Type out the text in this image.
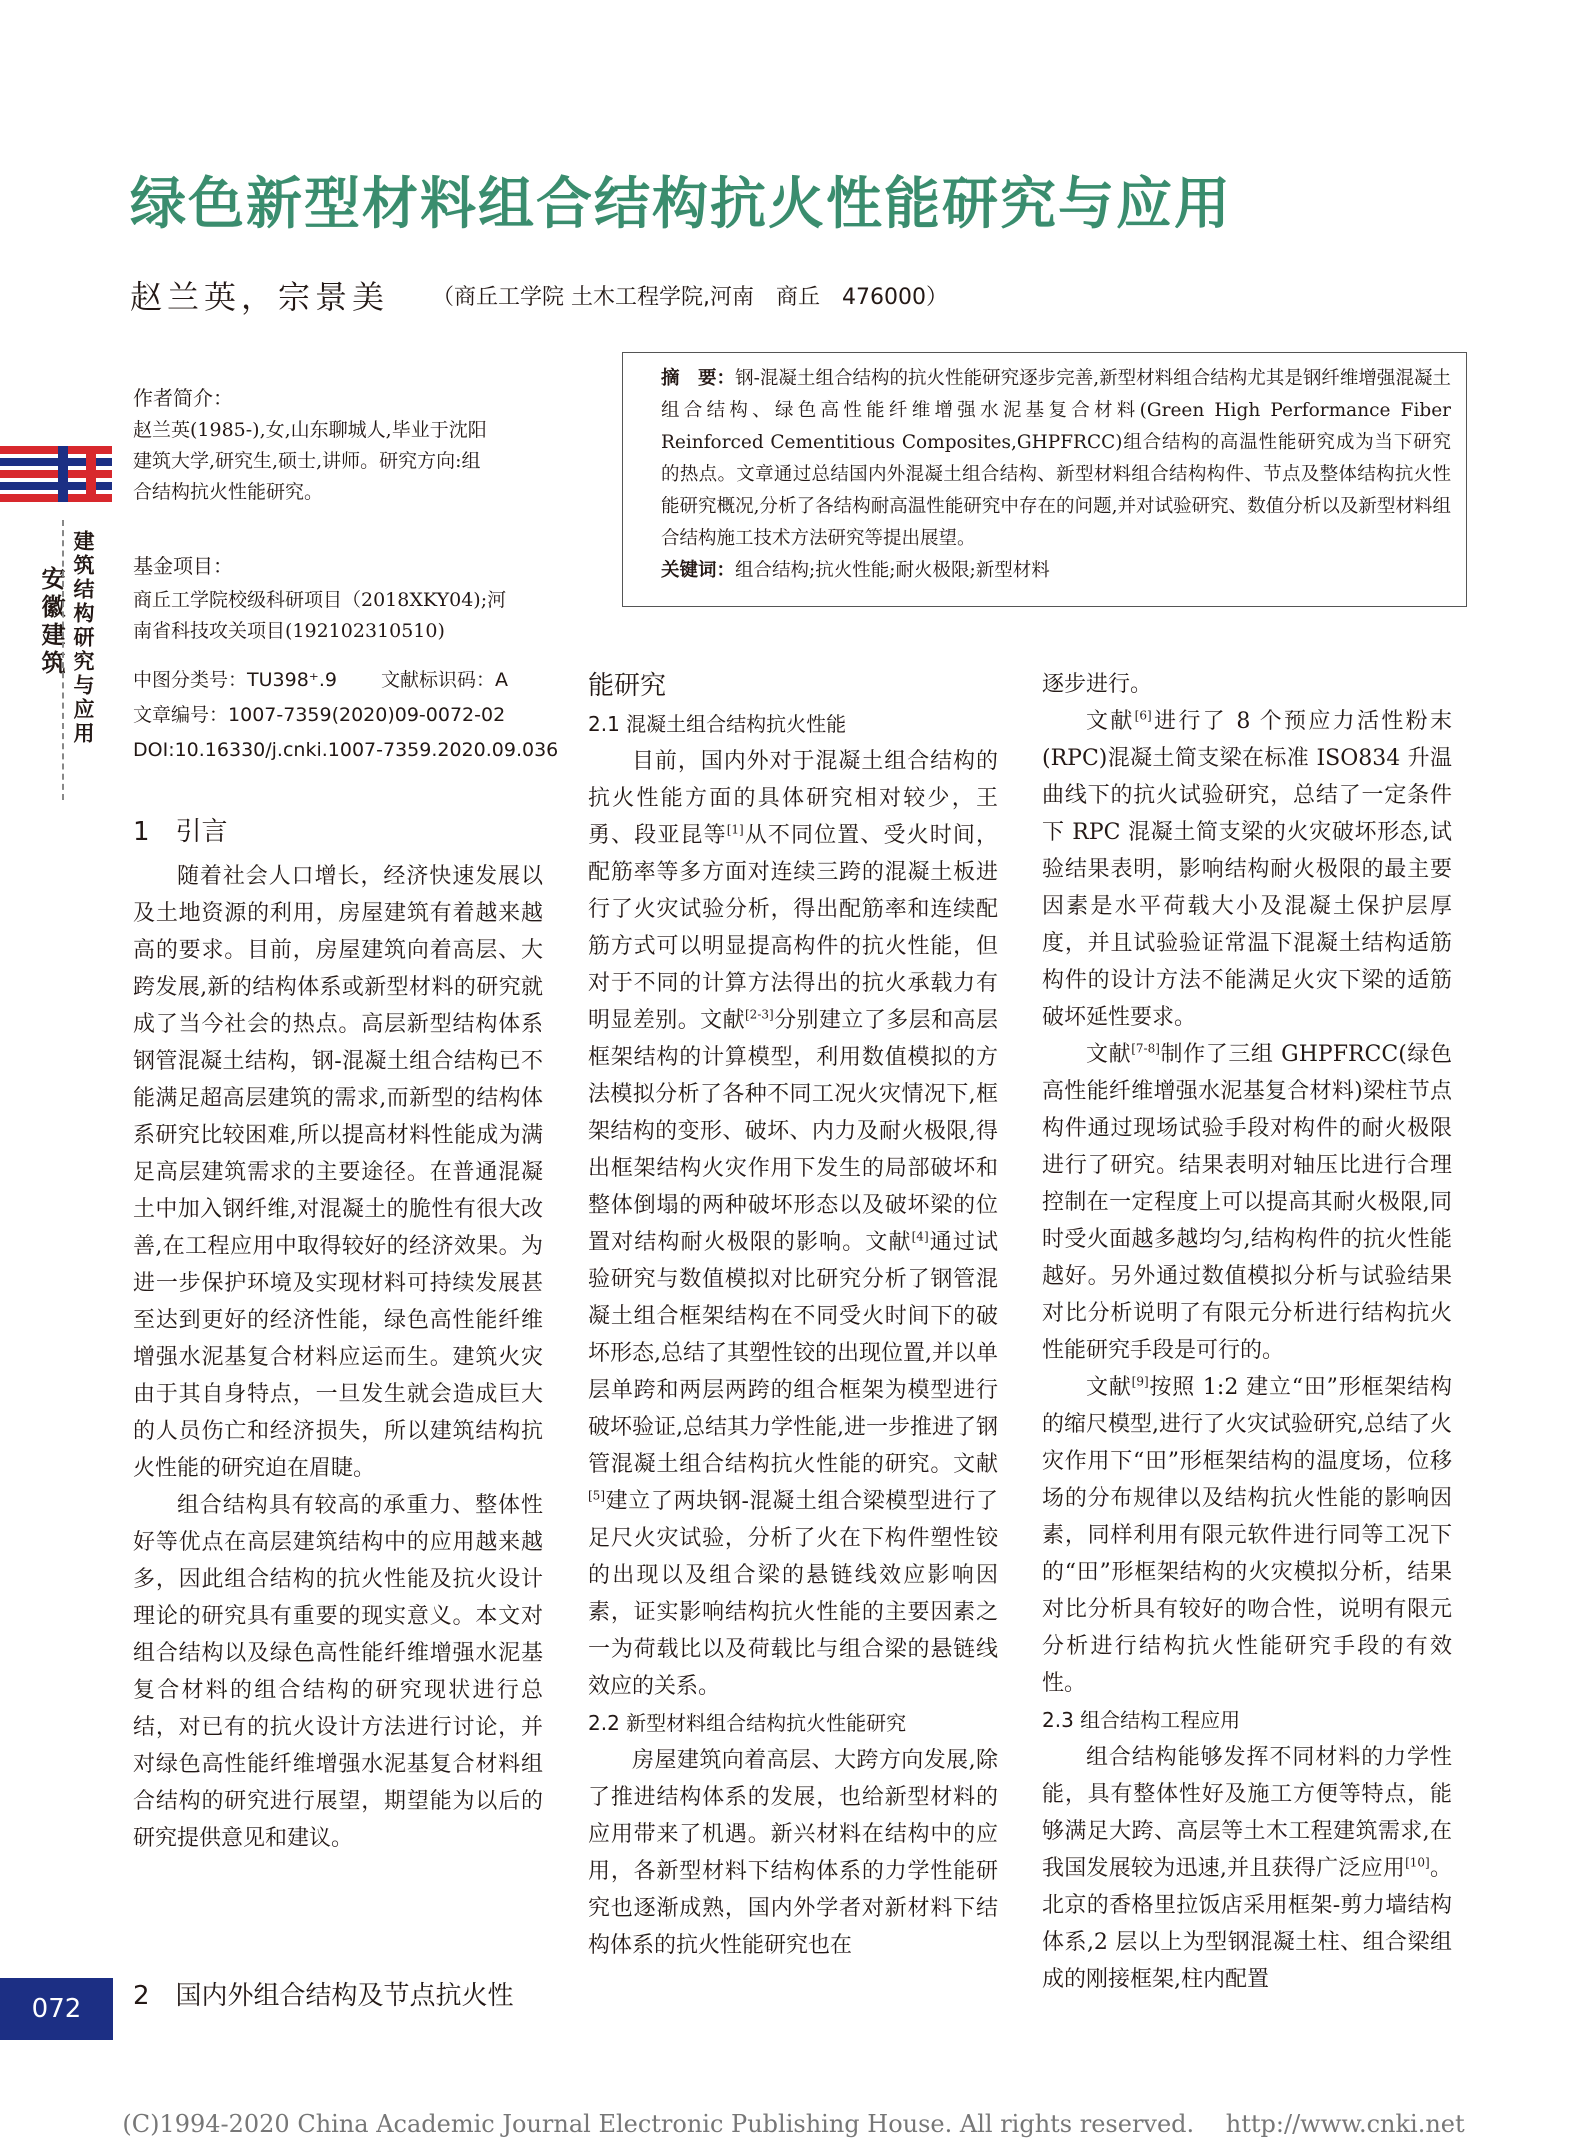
建筑结构研究与应用
安徽建筑
绿色新型材料组合结构抗火性能研究与应用
赵兰英，宗景美 （商丘工学院 土木工程学院,河南　商丘　476000）
作者简介：
赵兰英(1985-),女,山东聊城人,毕业于沈阳
建筑大学,研究生,硕士,讲师。研究方向:组
合结构抗火性能研究。
基金项目：
商丘工学院校级科研项目（2018XKY04);河
南省科技攻关项目(192102310510)
中图分类号：TU398⁺.9 文献标识码：A
文章编号：1007-7359(2020)09-0072-02
DOI:10.16330/j.cnki.1007-7359.2020.09.036

摘　要：钢-混凝土组合结构的抗火性能研究逐步完善,新型材料组合结构尤其是钢纤维增强混凝土组合结构、绿色高性能纤维增强水泥基复合材料(Green High Performance Fiber Reinforced Cementitious Composites,GHPFRCC)组合结构的高温性能研究成为当下研究的热点。文章通过总结国内外混凝土组合结构、新型材料组合结构构件、节点及整体结构抗火性能研究概况,分析了各结构耐高温性能研究中存在的问题,并对试验研究、数值分析以及新型材料组合结构施工技术方法研究等提出展望。

关键词：组合结构;抗火性能;耐火极限;新型材料

1　引言

随着社会人口增长，经济快速发展以及土地资源的利用，房屋建筑有着越来越高的要求。目前，房屋建筑向着高层、大跨发展,新的结构体系或新型材料的研究就成了当今社会的热点。高层新型结构体系钢管混凝土结构，钢-混凝土组合结构已不能满足超高层建筑的需求,而新型的结构体系研究比较困难,所以提高材料性能成为满足高层建筑需求的主要途径。在普通混凝土中加入钢纤维,对混凝土的脆性有很大改善,在工程应用中取得较好的经济效果。为进一步保护环境及实现材料可持续发展甚至达到更好的经济性能，绿色高性能纤维增强水泥基复合材料应运而生。建筑火灾由于其自身特点，一旦发生就会造成巨大的人员伤亡和经济损失，所以建筑结构抗火性能的研究迫在眉睫。

组合结构具有较高的承重力、整体性好等优点在高层建筑结构中的应用越来越多，因此组合结构的抗火性能及抗火设计理论的研究具有重要的现实意义。本文对组合结构以及绿色高性能纤维增强水泥基复合材料的组合结构的研究现状进行总结，对已有的抗火设计方法进行讨论，并对绿色高性能纤维增强水泥基复合材料组合结构的研究进行展望，期望能为以后的研究提供意见和建议。

2　国内外组合结构及节点抗火性

能研究

2.1 混凝土组合结构抗火性能

目前，国内外对于混凝土组合结构的抗火性能方面的具体研究相对较少，王勇、段亚昆等[1]从不同位置、受火时间，配筋率等多方面对连续三跨的混凝土板进行了火灾试验分析，得出配筋率和连续配筋方式可以明显提高构件的抗火性能，但对于不同的计算方法得出的抗火承载力有明显差别。文献[2-3]分别建立了多层和高层框架结构的计算模型，利用数值模拟的方法模拟分析了各种不同工况火灾情况下,框架结构的变形、破坏、内力及耐火极限,得出框架结构火灾作用下发生的局部破坏和整体倒塌的两种破坏形态以及破坏梁的位置对结构耐火极限的影响。文献[4]通过试验研究与数值模拟对比研究分析了钢管混凝土组合框架结构在不同受火时间下的破坏形态,总结了其塑性铰的出现位置,并以单层单跨和两层两跨的组合框架为模型进行破坏验证,总结其力学性能,进一步推进了钢管混凝土组合结构抗火性能的研究。文献[5]建立了两块钢-混凝土组合梁模型进行了足尺火灾试验，分析了火在下构件塑性铰的出现以及组合梁的悬链线效应影响因素，证实影响结构抗火性能的主要因素之一为荷载比以及荷载比与组合梁的悬链线效应的关系。

2.2 新型材料组合结构抗火性能研究

房屋建筑向着高层、大跨方向发展,除了推进结构体系的发展，也给新型材料的应用带来了机遇。新兴材料在结构中的应用，各新型材料下结构体系的力学性能研究也逐渐成熟，国内外学者对新材料下结构体系的抗火性能研究也在

逐步进行。

文献[6]进行了 8 个预应力活性粉末(RPC)混凝土简支梁在标准 ISO834 升温曲线下的抗火试验研究，总结了一定条件下 RPC 混凝土简支梁的火灾破坏形态,试验结果表明，影响结构耐火极限的最主要因素是水平荷载大小及混凝土保护层厚度，并且试验验证常温下混凝土结构适筋构件的设计方法不能满足火灾下梁的适筋破坏延性要求。

文献[7-8]制作了三组 GHPFRCC(绿色高性能纤维增强水泥基复合材料)梁柱节点构件通过现场试验手段对构件的耐火极限进行了研究。结果表明对轴压比进行合理控制在一定程度上可以提高其耐火极限,同时受火面越多越均匀,结构构件的抗火性能越好。另外通过数值模拟分析与试验结果对比分析说明了有限元分析进行结构抗火性能研究手段是可行的。

文献[9]按照 1:2 建立“田”形框架结构的缩尺模型,进行了火灾试验研究,总结了火灾作用下“田”形框架结构的温度场，位移场的分布规律以及结构抗火性能的影响因素，同样利用有限元软件进行同等工况下的“田”形框架结构的火灾模拟分析，结果对比分析具有较好的吻合性，说明有限元分析进行结构抗火性能研究手段的有效性。

2.3 组合结构工程应用

组合结构能够发挥不同材料的力学性能，具有整体性好及施工方便等特点，能够满足大跨、高层等土木工程建筑需求,在我国发展较为迅速,并且获得广泛应用[10]。北京的香格里拉饭店采用框架-剪力墙结构体系,2 层以上为型钢混凝土柱、组合梁组成的刚接框架,柱内配置

072
(C)1994-2020 China Academic Journal Electronic Publishing House. All rights reserved.　 http://www.cnki.net
